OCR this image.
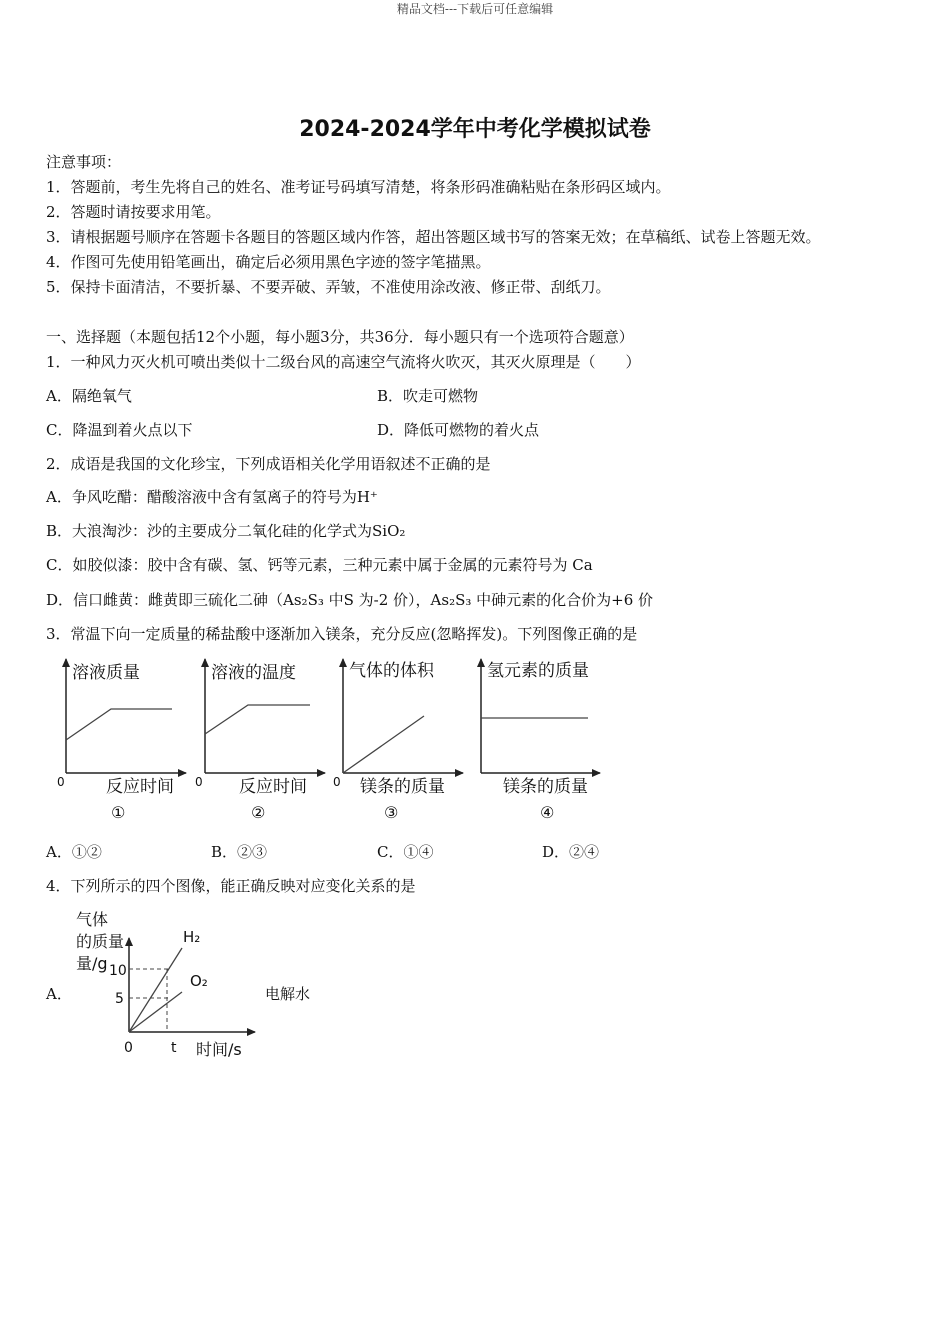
精品文档---下载后可任意编辑
2024-2024学年中考化学模拟试卷
注意事项：
1．答题前，考生先将自己的姓名、准考证号码填写清楚，将条形码准确粘贴在条形码区域内。
2．答题时请按要求用笔。
3．请根据题号顺序在答题卡各题目的答题区域内作答，超出答题区域书写的答案无效；在草稿纸、试卷上答题无效。
4．作图可先使用铅笔画出，确定后必须用黑色字迹的签字笔描黑。
5．保持卡面清洁，不要折暴、不要弄破、弄皱，不准使用涂改液、修正带、刮纸刀。
一、选择题（本题包括12个小题，每小题3分，共36分．每小题只有一个选项符合题意）
1．一种风力灭火机可喷出类似十二级台风的高速空气流将火吹灭，其灭火原理是（　　）
A．隔绝氧气	B．吹走可燃物
C．降温到着火点以下	D．降低可燃物的着火点
2．成语是我国的文化珍宝，下列成语相关化学用语叙述不正确的是
A．争风吃醋：醋酸溶液中含有氢离子的符号为H⁺
B．大浪淘沙：沙的主要成分二氧化硅的化学式为SiO₂
C．如胶似漆：胶中含有碳、氢、钙等元素，三种元素中属于金属的元素符号为 Ca
D．信口雌黄：雌黄即三硫化二砷（As₂S₃ 中S 为-2 价），As₂S₃ 中砷元素的化合价为+6 价
3．常温下向一定质量的稀盐酸中逐渐加入镁条，充分反应(忽略挥发)。下列图像正确的是
溶液质量
反应时间
0
①
溶液的温度
反应时间
0
②
气体的体积
镁条的质量
0
③
氢元素的质量
镁条的质量
④
气体
的质量
量/g 10
5
0	t 时间/s
H₂
O₂
A．①②	B．②③	C．①④	D．②④
4．下列所示的四个图像，能正确反映对应变化关系的是
A．	电解水
